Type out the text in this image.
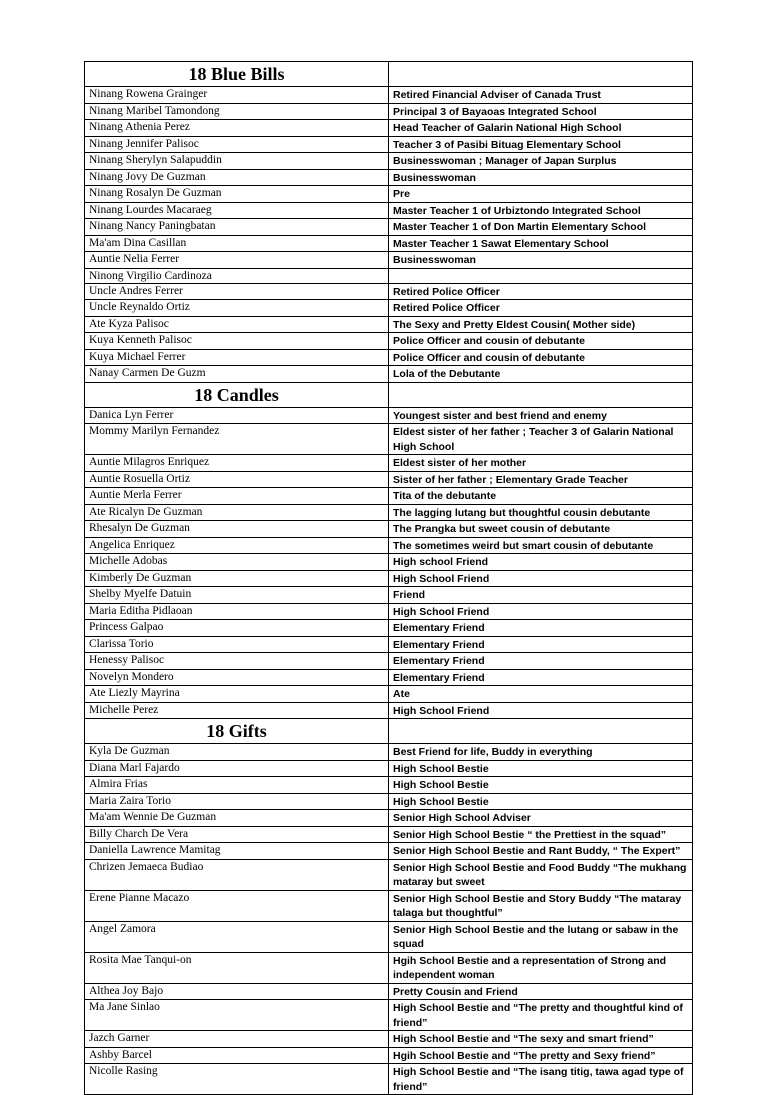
18 Blue Bills	
Ninang Rowena Grainger	Retired Financial Adviser of Canada Trust

Ninang Maribel Tamondong	Principal 3 of Bayaoas Integrated School

Ninang Athenia Perez	Head Teacher of Galarin National High School

Ninang Jennifer Palisoc	Teacher 3 of Pasibi Bituag Elementary School

Ninang Sherylyn Salapuddin	Businesswoman ; Manager of Japan Surplus

Ninang Jovy De Guzman	Businesswoman

Ninang Rosalyn De Guzman	Pre

Ninang Lourdes Macaraeg	Master Teacher 1 of Urbiztondo Integrated School

Ninang Nancy Paningbatan	Master Teacher 1 of Don Martin Elementary School

Ma'am Dina Casillan	Master Teacher 1 Sawat Elementary School

Auntie Nelia Ferrer	Businesswoman

Ninong Virgilio Cardinoza	

Uncle Andres Ferrer	Retired Police Officer

Uncle Reynaldo Ortiz	Retired Police Officer

Ate Kyza Palisoc	The Sexy and Pretty Eldest Cousin( Mother side)

Kuya Kenneth Palisoc	Police Officer and cousin of debutante

Kuya Michael Ferrer	Police Officer and cousin of debutante

Nanay Carmen De Guzm	Lola of the Debutante

18 Candles	
Danica Lyn Ferrer	Youngest sister and best friend and enemy

Mommy Marilyn Fernandez	Eldest sister of her father ; Teacher 3 of Galarin National High School

Auntie Milagros Enriquez	Eldest sister of her mother

Auntie Rosuella Ortiz	Sister of her father ; Elementary Grade Teacher

Auntie Merla Ferrer	Tita of the debutante

Ate Ricalyn De Guzman	The lagging lutang but thoughtful cousin debutante

Rhesalyn De Guzman	The Prangka but sweet cousin of debutante

Angelica Enriquez	The sometimes weird but smart cousin of debutante

Michelle Adobas	High school Friend

Kimberly De Guzman	High School Friend

Shelby Myelfe Datuin	Friend

Maria Editha Pidlaoan	High School Friend

Princess Galpao	Elementary Friend

Clarissa Torio	Elementary Friend

Henessy Palisoc	Elementary Friend

Novelyn Mondero	Elementary Friend

Ate Liezly Mayrina	Ate

Michelle Perez	High School Friend

18 Gifts	
Kyla De Guzman	Best Friend for life, Buddy in everything

Diana Marl Fajardo	High School Bestie

Almira Frias	High School Bestie

Maria Zaira Torio	High School Bestie

Ma'am Wennie De Guzman	Senior High School Adviser

Billy Charch De Vera	Senior High School Bestie “ the Prettiest in the squad”

Daniella Lawrence Mamitag	Senior High School Bestie and Rant Buddy, “ The Expert”

Chrizen Jemaeca Budiao	Senior High School Bestie and Food Buddy “The mukhang mataray but sweet

Erene Pianne Macazo	Senior High School Bestie and Story Buddy “The mataray talaga but thoughtful”

Angel Zamora	Senior High School Bestie and the lutang or sabaw in the squad

Rosita Mae Tanqui-on	Hgih School Bestie and a representation of Strong and independent woman

Althea Joy Bajo	Pretty Cousin and Friend

Ma Jane Sinlao	High School Bestie and “The pretty and thoughtful kind of friend”

Jazch Garner	High School Bestie and “The sexy and smart friend”

Ashby Barcel	Hgih School Bestie and “The pretty and Sexy friend”

Nicolle Rasing	High School Bestie and “The isang titig, tawa agad type of friend”
